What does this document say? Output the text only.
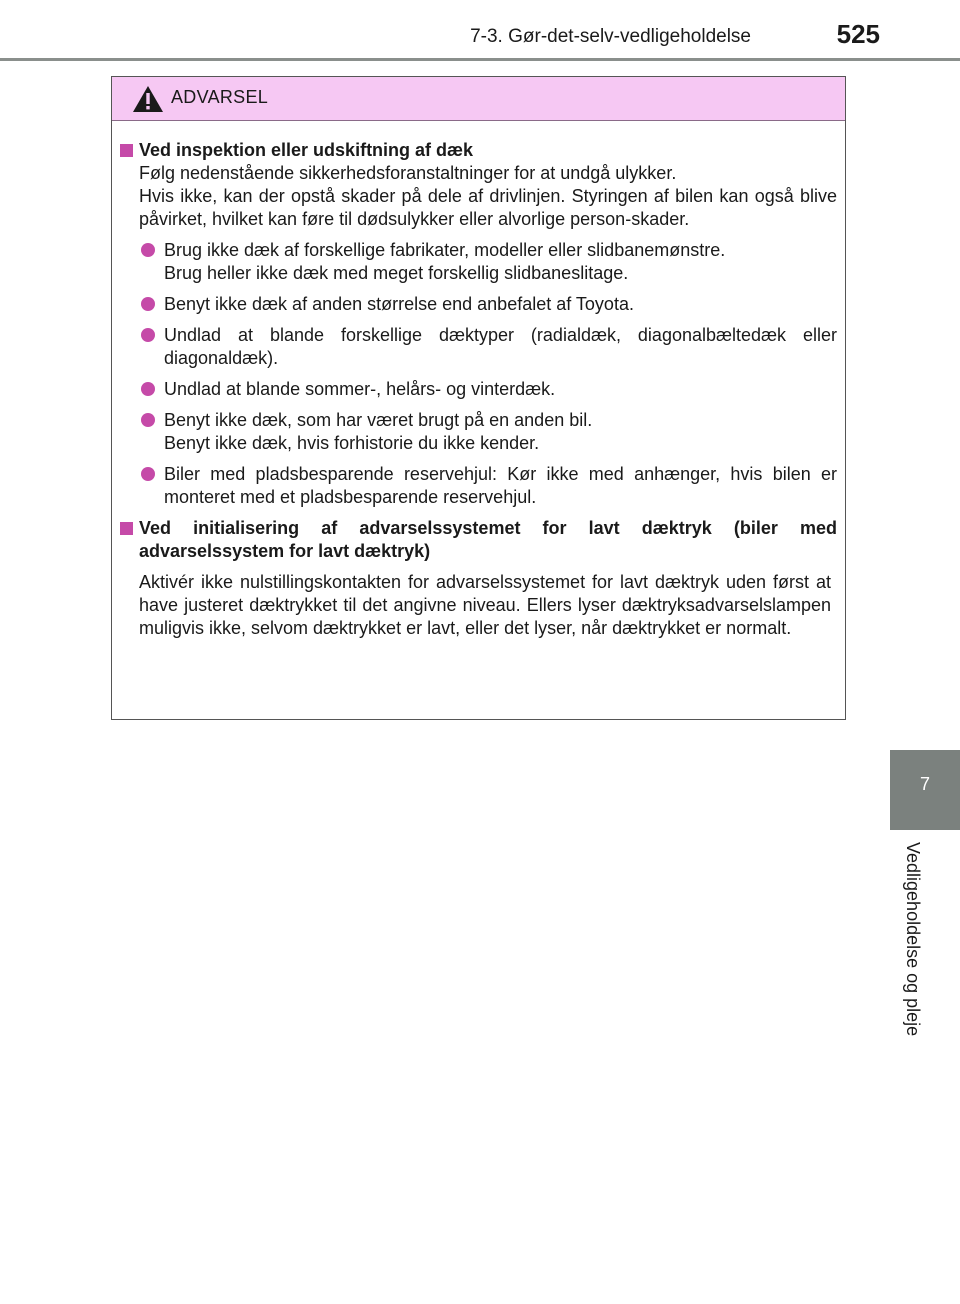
7-3. Gør-det-selv-vedligeholdelse	525
7
Vedligeholdelse og pleje
ADVARSEL
Ved inspektion eller udskiftning af dæk
Følg nedenstående sikkerhedsforanstaltninger for at undgå ulykker.
Hvis ikke, kan der opstå skader på dele af drivlinjen. Styringen af bilen kan også blive påvirket, hvilket kan føre til dødsulykker eller alvorlige person-skader.
Brug ikke dæk af forskellige fabrikater, modeller eller slidbanemønstre.
Brug heller ikke dæk med meget forskellig slidbaneslitage.
Benyt ikke dæk af anden størrelse end anbefalet af Toyota.
Undlad at blande forskellige dæktyper (radialdæk, diagonalbæltedæk eller diagonaldæk).
Undlad at blande sommer-, helårs- og vinterdæk.
Benyt ikke dæk, som har været brugt på en anden bil.
Benyt ikke dæk, hvis forhistorie du ikke kender.
Biler med pladsbesparende reservehjul: Kør ikke med anhænger, hvis bilen er monteret med et pladsbesparende reservehjul.
Ved initialisering af advarselssystemet for lavt dæktryk (biler med advarselssystem for lavt dæktryk)
Aktivér ikke nulstillingskontakten for advarselssystemet for lavt dæktryk uden først at have justeret dæktrykket til det angivne niveau. Ellers lyser dæktryksadvarselslampen muligvis ikke, selvom dæktrykket er lavt, eller det lyser, når dæktrykket er normalt.
